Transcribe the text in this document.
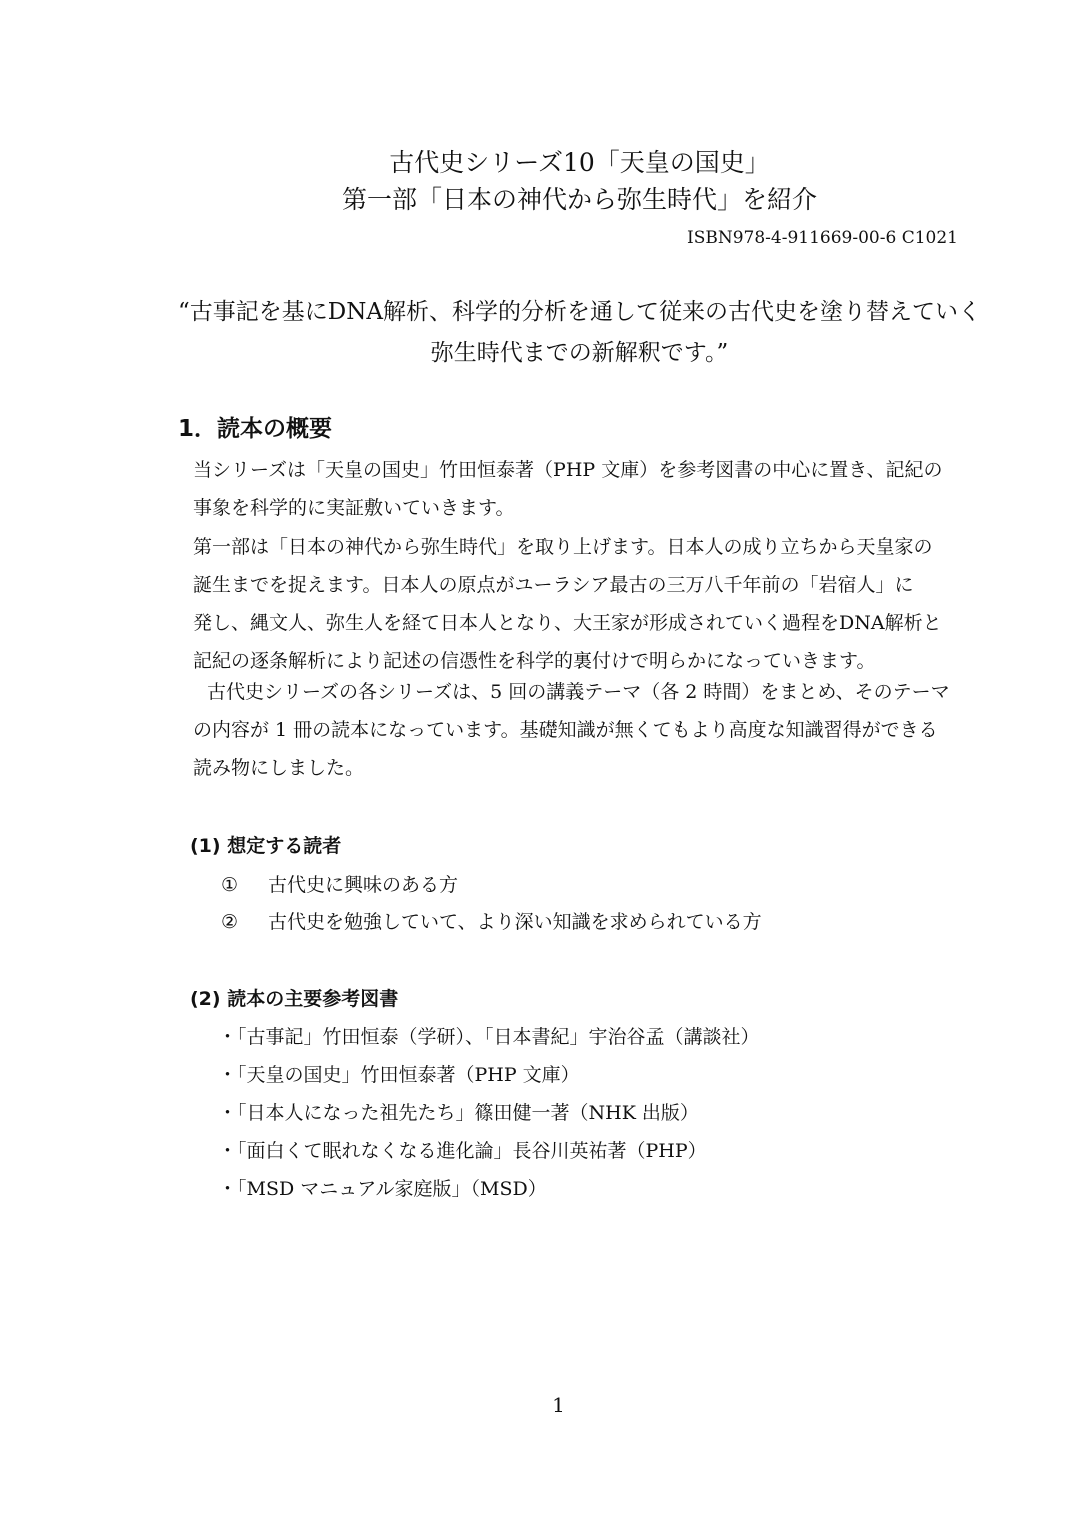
古代史シリーズ10「天皇の国史」
第一部「日本の神代から弥生時代」を紹介
ISBN978-4-911669-00-6 C1021
“古事記を基にDNA解析、科学的分析を通して従来の古代史を塗り替えていく
弥生時代までの新解釈です。”
1．読本の概要
当シリーズは「天皇の国史」竹田恒泰著（PHP 文庫）を参考図書の中心に置き、記紀の
事象を科学的に実証敷いていきます。
第一部は「日本の神代から弥生時代」を取り上げます。日本人の成り立ちから天皇家の
誕生までを捉えます。日本人の原点がユーラシア最古の三万八千年前の「岩宿人」に
発し、縄文人、弥生人を経て日本人となり、大王家が形成されていく過程をDNA解析と
記紀の逐条解析により記述の信憑性を科学的裏付けで明らかになっていきます。
古代史シリーズの各シリーズは、5 回の講義テーマ（各 2 時間）をまとめ、そのテーマ
の内容が 1 冊の読本になっています。基礎知識が無くてもより高度な知識習得ができる
読み物にしました。
(1) 想定する読者
① 古代史に興味のある方
② 古代史を勉強していて、より深い知識を求められている方
(2) 読本の主要参考図書
・「古事記」竹田恒泰（学研）、「日本書紀」宇治谷孟（講談社）
・「天皇の国史」竹田恒泰著（PHP 文庫）
・「日本人になった祖先たち」篠田健一著（NHK 出版）
・「面白くて眠れなくなる進化論」長谷川英祐著（PHP）
・「MSD マニュアル家庭版」（MSD）
1
